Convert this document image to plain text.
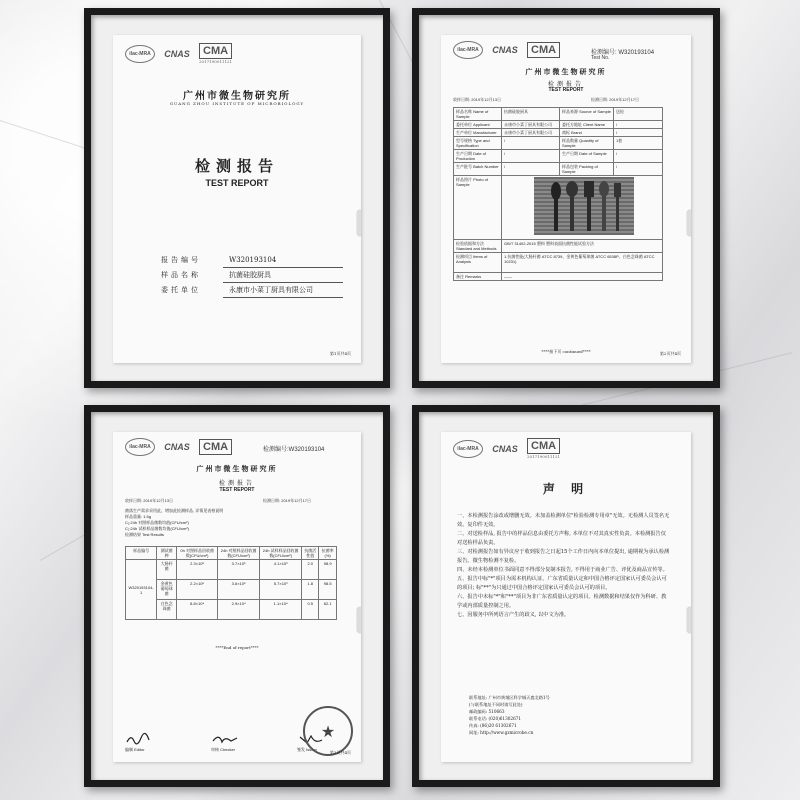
ilac-MRA	CNAS	CMA
2017190011121
广州市微生物研究所
GUANG ZHOU INSTITUTE OF MICROBIOLOGY
检测报告
TEST REPORT
报告编号	W320193104
样品名称	抗菌硅胶厨具
委托单位	永康市小菜丁厨具有限公司
第1页共4页
ilac-MRA	CNAS	CMA	检测编号: W320193104
Test No.
广州市微生物研究所
检测报告
TEST REPORT
收样日期: 2019年12月13日	检测日期: 2019年12月17日
样品名称 Name of Sample	抗菌硅胶厨具	样品来源 Source of Sample	送检
委托单位 Applicant	永康市小菜丁厨具有限公司	委托方地址 Client Name	/
生产单位 Manufacturer	永康市小菜丁厨具有限公司	商标 Brand	/
型号规格 Type and Specification	/	样品数量 Quantity of Sample	1套
生产日期 Date of Production	/	生产日期 Date of Sample	/
生产批号 Batch Number	/	样品包装 Packing of Sample	/
样品图片 Photo of Sample	

检验依据和方法 Standard and Methods	GB/T 31402-2015 塑料 塑料表面抗菌性能试验方法		
检测项目 Items of Analysis	1.抗菌性能(大肠杆菌 ATCC 8739、金黄色葡萄球菌 ATCC 6538P、白色念珠菌 ATCC 10231)		
备注 Remarks	——		
****接下页 continued****	第2页共4页
ilac-MRA	CNAS	CMA	检测编号:W320193104
广州市微生物研究所
检测报告
TEST REPORT
收样日期: 2019年12月13日	检测日期: 2019年12月17日
菌落生产需求采用此、增加此检测样品, 详情见表格说明
样品重量: 1.5g
C₁:24h 对照样品菌数均值(CFU/cm²)
C₂:24h 试样样品菌数均值(CFU/cm²)
检测结果 Test Results
样品编号	测试菌种	0h 对照样品回收菌数(CFU/cm²)	24h 对照样品回收菌数(CFU/cm²)	24h 试样样品回收菌数(CFU/cm²)	抗菌活性值	抗菌率(%)
W320193104-1	大肠杆菌	2.3×10⁵	3.7×10⁵	4.1×10³	2.0	98.9
	金黄色葡萄球菌	2.2×10⁵	3.6×10⁵	5.7×10³	1.8	98.5
	白色念珠菌	8.8×10⁴	2.9×10⁴	1.1×10⁴	0.5	62.1
****End of report****
编制 Editor	审核 Checker	签发 Issuer
★
第3页共4页
ilac-MRA	CNAS	CMA
2017190011121
声 明
一、本检测报告涂改或增删无效。未加盖检测单位"检验检测专用章"无效。无检测人员签名无效。复印件无效。
二、对送检样品, 报告中的样品信息由委托方声称, 本单位不对其真实性负责。本检测报告仅对送检样品负责。
三、对检测报告如有异议应于收到报告之日起15个工作日内向本单位提出, 逾期视为承认检测报告。微生物检测不复检。
四、未经本检测单位书面同意不得部分复制本报告, 不得用于商业广告、评优及商品宣传等。
五、报告中标"*"项目为需本机构认证、广东省质量认定和中国合格评定国家认可委员会认可的项目; 标"**"为只通过中国合格评定国家认可委员会认可的项目。
六、报告中未标"*"和"**"项目为非广东省质量认定的项目。检测数据和结果仅作为科研、教学或内部质量控制之用。
七、因服务中所列语言产生的歧义, 以中文为准。
联系地址: 广州市黄埔区科学城天鹿北路1号
(与联系地址不同时请写此处)
邮政编码: 510663
联系电话: (020)61302671
传真: (86)20 61302671
网址: http://www.gzmicrobe.cn
